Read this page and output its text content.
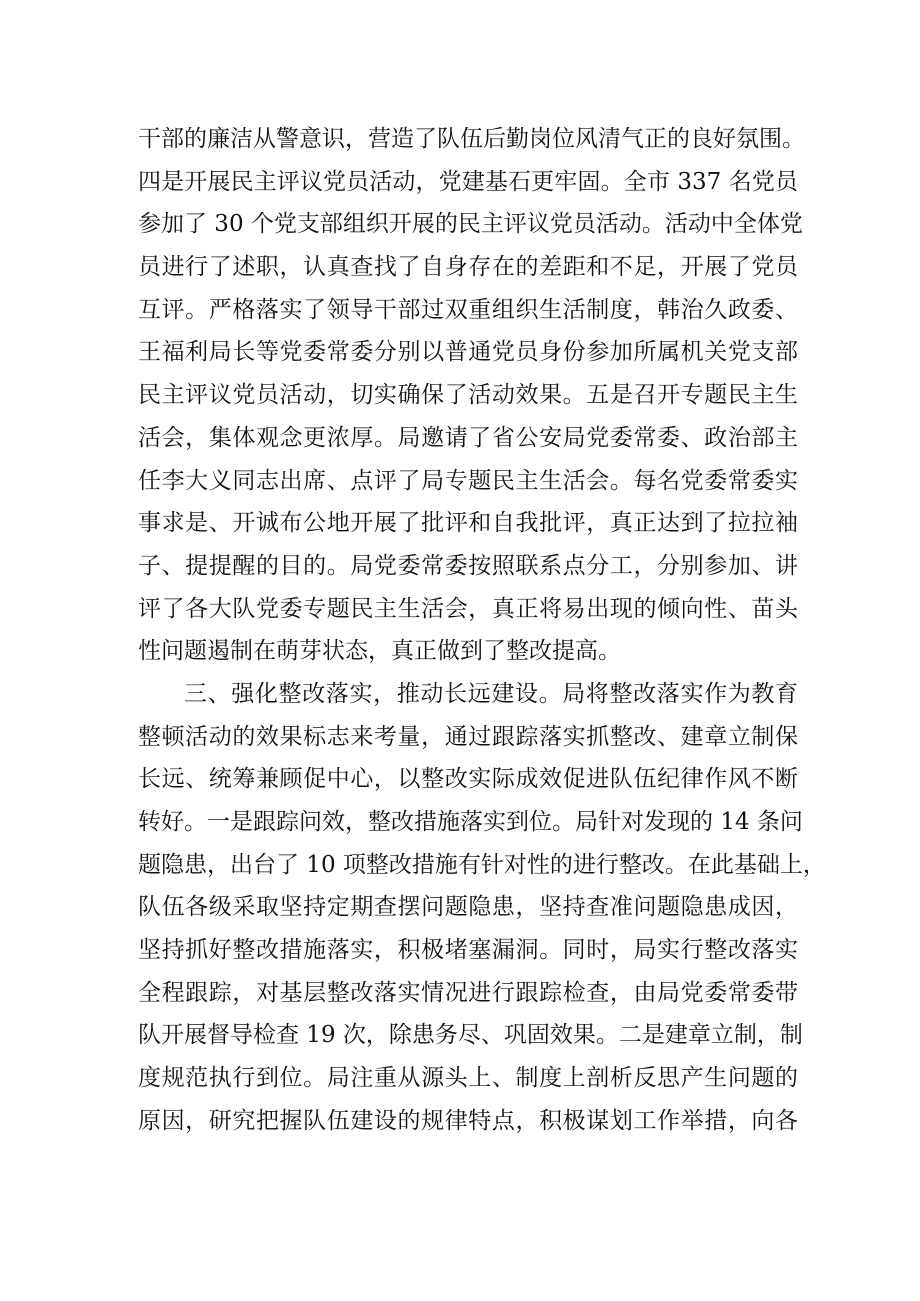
干部的廉洁从警意识，营造了队伍后勤岗位风清气正的良好氛围。
四是开展民主评议党员活动，党建基石更牢固。全市 337 名党员
参加了 30 个党支部组织开展的民主评议党员活动。活动中全体党
员进行了述职，认真查找了自身存在的差距和不足，开展了党员
互评。严格落实了领导干部过双重组织生活制度，韩治久政委、
王福利局长等党委常委分别以普通党员身份参加所属机关党支部
民主评议党员活动，切实确保了活动效果。五是召开专题民主生
活会，集体观念更浓厚。局邀请了省公安局党委常委、政治部主
任李大义同志出席、点评了局专题民主生活会。每名党委常委实
事求是、开诚布公地开展了批评和自我批评，真正达到了拉拉袖
子、提提醒的目的。局党委常委按照联系点分工，分别参加、讲
评了各大队党委专题民主生活会，真正将易出现的倾向性、苗头
性问题遏制在萌芽状态，真正做到了整改提高。
三、强化整改落实，推动长远建设。局将整改落实作为教育
整顿活动的效果标志来考量，通过跟踪落实抓整改、建章立制保
长远、统筹兼顾促中心，以整改实际成效促进队伍纪律作风不断
转好。一是跟踪问效，整改措施落实到位。局针对发现的 14 条问
题隐患，出台了 10 项整改措施有针对性的进行整改。在此基础上，
队伍各级采取坚持定期查摆问题隐患，坚持查准问题隐患成因，
坚持抓好整改措施落实，积极堵塞漏洞。同时，局实行整改落实
全程跟踪，对基层整改落实情况进行跟踪检查，由局党委常委带
队开展督导检查 19 次，除患务尽、巩固效果。二是建章立制，制
度规范执行到位。局注重从源头上、制度上剖析反思产生问题的
原因，研究把握队伍建设的规律特点，积极谋划工作举措，向各
